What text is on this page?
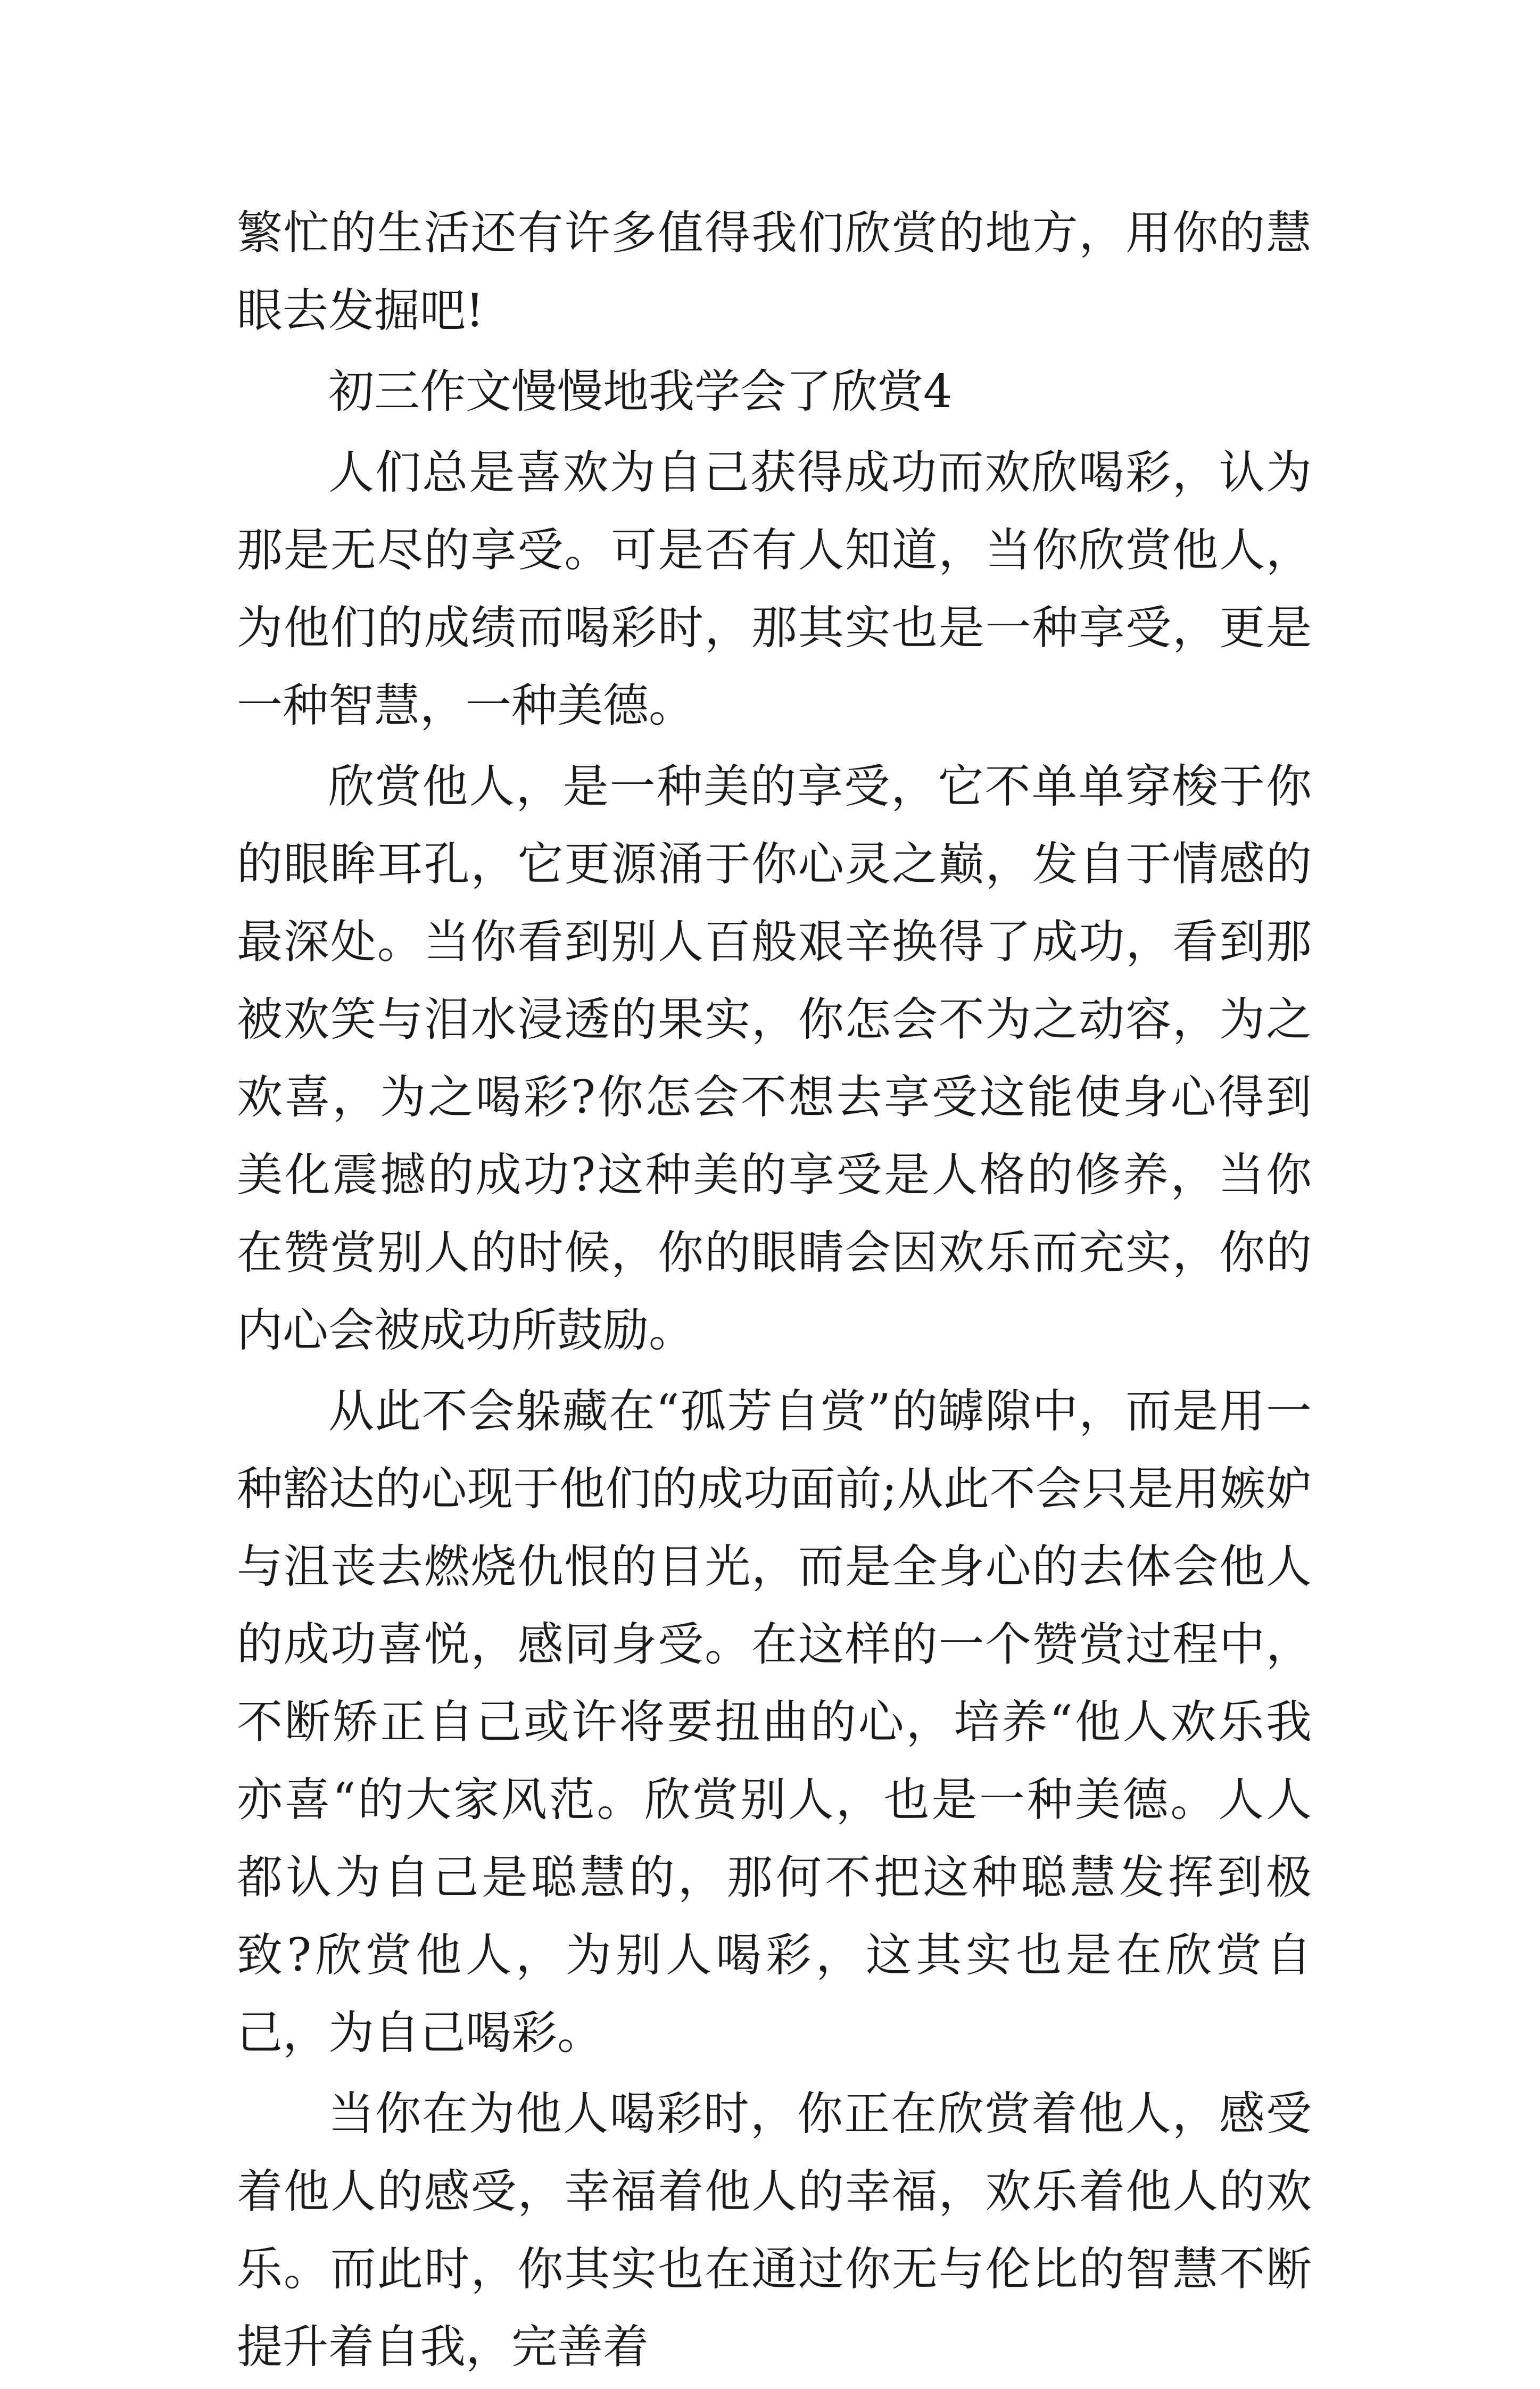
繁忙的生活还有许多值得我们欣赏的地方，用你的慧眼去发掘吧!

初三作文慢慢地我学会了欣赏4

人们总是喜欢为自己获得成功而欢欣喝彩，认为那是无尽的享受。可是否有人知道，当你欣赏他人，为他们的成绩而喝彩时，那其实也是一种享受，更是一种智慧，一种美德。

欣赏他人，是一种美的享受，它不单单穿梭于你的眼眸耳孔，它更源涌于你心灵之巅，发自于情感的最深处。当你看到别人百般艰辛换得了成功，看到那被欢笑与泪水浸透的果实，你怎会不为之动容，为之欢喜，为之喝彩?你怎会不想去享受这能使身心得到美化震撼的成功?这种美的享受是人格的修养，当你在赞赏别人的时候，你的眼睛会因欢乐而充实，你的内心会被成功所鼓励。

从此不会躲藏在“孤芳自赏”的罅隙中，而是用一种豁达的心现于他们的成功面前;从此不会只是用嫉妒与沮丧去燃烧仇恨的目光，而是全身心的去体会他人的成功喜悦，感同身受。在这样的一个赞赏过程中，不断矫正自己或许将要扭曲的心，培养“他人欢乐我亦喜“的大家风范。欣赏别人，也是一种美德。人人都认为自己是聪慧的，那何不把这种聪慧发挥到极致?欣赏他人，为别人喝彩，这其实也是在欣赏自己，为自己喝彩。

当你在为他人喝彩时，你正在欣赏着他人，感受着他人的感受，幸福着他人的幸福，欢乐着他人的欢乐。而此时，你其实也在通过你无与伦比的智慧不断提升着自我，完善着
